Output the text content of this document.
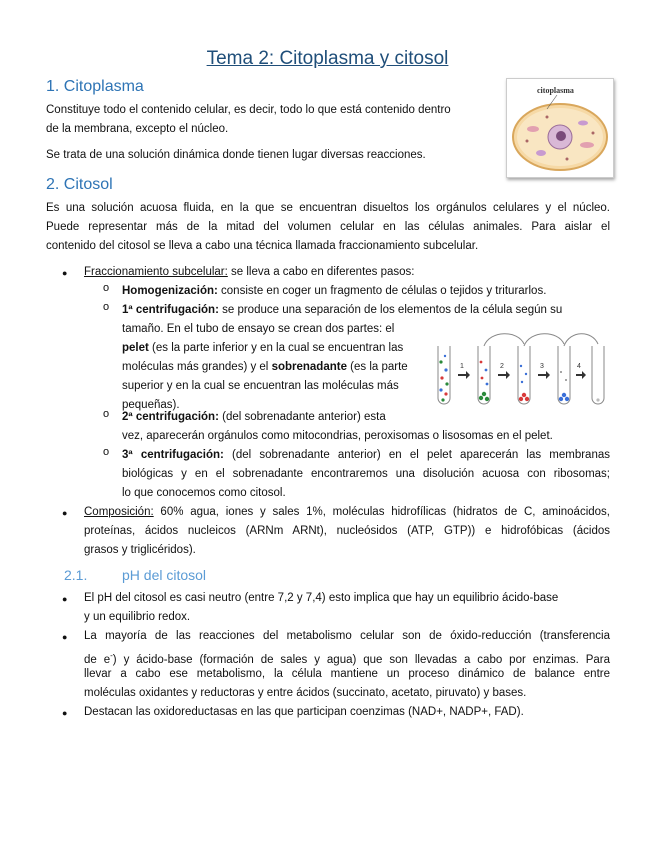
Tema 2: Citoplasma y citosol
1. Citoplasma
Constituye todo el contenido celular, es decir, todo lo que está contenido dentro
de la membrana, excepto el núcleo.
Se trata de una solución dinámica donde tienen lugar diversas reacciones.
citoplasma
2. Citosol
Es una solución acuosa fluida, en la que se encuentran disueltos los orgánulos celulares y el núcleo.
Puede representar más de la mitad del volumen celular en las células animales. Para aislar el
contenido del citosol se lleva a cabo una técnica llamada fraccionamiento subcelular.
● Fraccionamiento subcelular: se lleva a cabo en diferentes pasos:
o Homogenización: consiste en coger un fragmento de células o tejidos y triturarlos.
o 1ª centrifugación: se produce una separación de los elementos de la célula según su
tamaño. En el tubo de ensayo se crean dos partes: el
pelet (es la parte inferior y en la cual se encuentran las
moléculas más grandes) y el sobrenadante (es la parte
superior y en la cual se encuentran las moléculas más
pequeñas).
1	2	3	4
o 2ª centrifugación: (del sobrenadante anterior) esta
vez, aparecerán orgánulos como mitocondrias, peroxisomas o lisosomas en el pelet.
o 3ª centrifugación: (del sobrenadante anterior) en el pelet aparecerán las membranas
biológicas y en el sobrenadante encontraremos una disolución acuosa con ribosomas;
lo que conocemos como citosol.
● Composición: 60% agua, iones y sales 1%, moléculas hidrofílicas (hidratos de C, aminoácidos,
proteínas, ácidos nucleicos (ARNm ARNt), nucleósidos (ATP, GTP)) e hidrofóbicas (ácidos
grasos y triglicéridos).
2.1. pH del citosol
● El pH del citosol es casi neutro (entre 7,2 y 7,4) esto implica que hay un equilibrio ácido-base
y un equilibrio redox.
● La mayoría de las reacciones del metabolismo celular son de óxido-reducción (transferencia
de e-) y ácido-base (formación de sales y agua) que son llevadas a cabo por enzimas. Para
llevar a cabo ese metabolismo, la célula mantiene un proceso dinámico de balance entre
moléculas oxidantes y reductoras y entre ácidos (succinato, acetato, piruvato) y bases.
● Destacan las oxidoreductasas en las que participan coenzimas (NAD+, NADP+, FAD).
